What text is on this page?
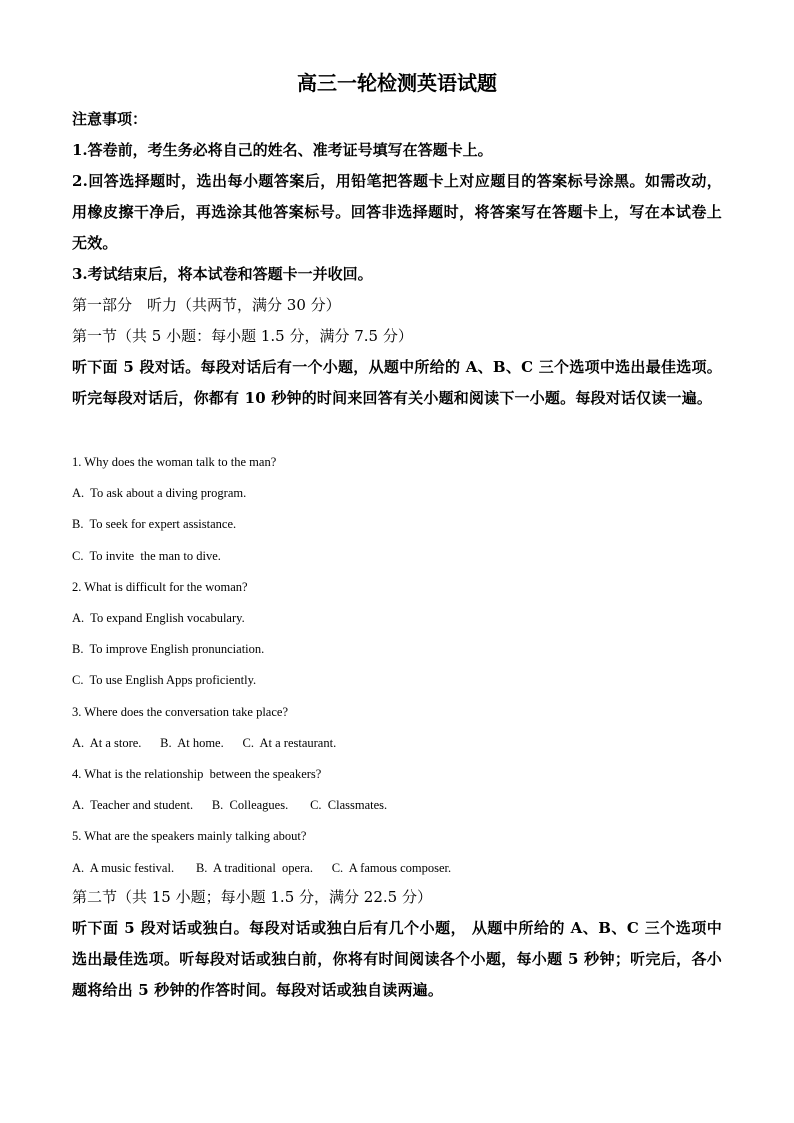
高三一轮检测英语试题

注意事项：

1.答卷前，考生务必将自己的姓名、准考证号填写在答题卡上。

2.回答选择题时，选出每小题答案后，用铅笔把答题卡上对应题目的答案标号涂黑。如需改动，用橡皮擦干净后，再选涂其他答案标号。回答非选择题时，将答案写在答题卡上，写在本试卷上无效。

3.考试结束后，将本试卷和答题卡一并收回。

第一部分　听力（共两节，满分 30 分）

第一节（共 5 小题：每小题 1.5 分，满分 7.5 分）

听下面 5 段对话。每段对话后有一个小题，从题中所给的 A、B、C 三个选项中选出最佳选项。听完每段对话后，你都有 10 秒钟的时间来回答有关小题和阅读下一小题。每段对话仅读一遍。

1. Why does the woman talk to the man?

A.  To ask about a diving program.

B.  To seek for expert assistance.

C.  To invite  the man to dive.

2. What is difficult for the woman?

A.  To expand English vocabulary.

B.  To improve English pronunciation.

C.  To use English Apps proficiently.

3. Where does the conversation take place?

A.  At a store.      B.  At home.      C.  At a restaurant.

4. What is the relationship  between the speakers?

A.  Teacher and student.      B.  Colleagues.       C.  Classmates.

5. What are the speakers mainly talking about?

A.  A music festival.       B.  A traditional  opera.      C.  A famous composer.

第二节（共 15 小题；每小题 1.5 分，满分 22.5 分）

听下面 5 段对话或独白。每段对话或独白后有几个小题， 从题中所给的 A、B、C 三个选项中选出最佳选项。听每段对话或独白前，你将有时间阅读各个小题，每小题 5 秒钟；听完后，各小题将给出 5 秒钟的作答时间。每段对话或独自读两遍。
